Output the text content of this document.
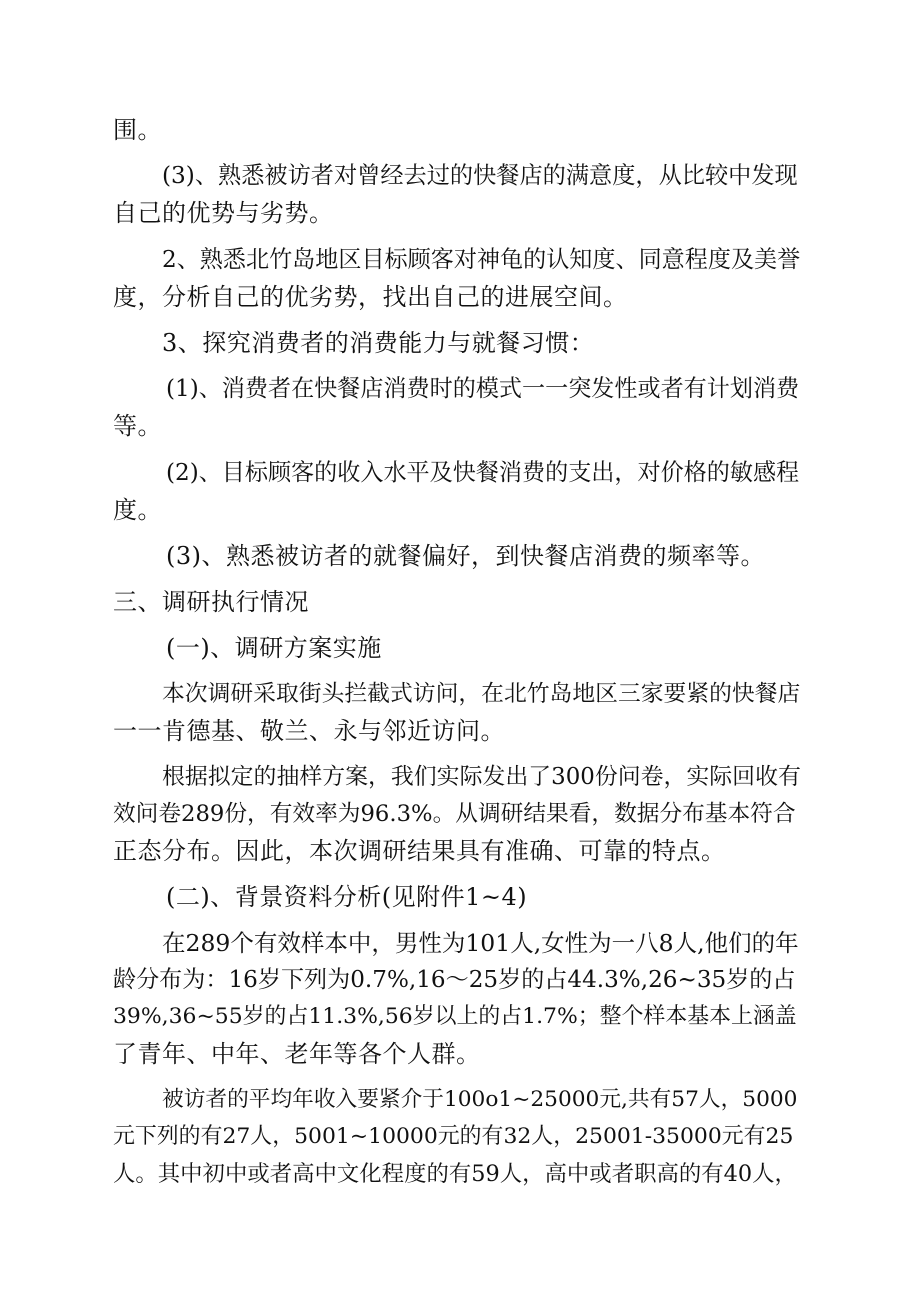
围。
(3)、熟悉被访者对曾经去过的快餐店的满意度，从比较中发现
自己的优势与劣势。
2、熟悉北竹岛地区目标顾客对神龟的认知度、同意程度及美誉
度，分析自己的优劣势，找出自己的进展空间。
3、探究消费者的消费能力与就餐习惯：
(1)、消费者在快餐店消费时的模式一一突发性或者有计划消费
等。
(2)、目标顾客的收入水平及快餐消费的支出，对价格的敏感程
度。
(3)、熟悉被访者的就餐偏好，到快餐店消费的频率等。
三、调研执行情况
(一)、调研方案实施
本次调研采取街头拦截式访问，在北竹岛地区三家要紧的快餐店
一一肯德基、敬兰、永与邻近访问。
根据拟定的抽样方案，我们实际发出了300份问卷，实际回收有
效问卷289份，有效率为96.3%。从调研结果看，数据分布基本符合
正态分布。因此，本次调研结果具有准确、可靠的特点。
(二)、背景资料分析(见附件1~4)
在289个有效样本中，男性为101人,女性为一八8人,他们的年
龄分布为：16岁下列为0.7%,16～25岁的占44.3%,26~35岁的占
39%,36~55岁的占11.3%,56岁以上的占1.7%；整个样本基本上涵盖
了青年、中年、老年等各个人群。
被访者的平均年收入要紧介于100o1~25000元,共有57人，5000
元下列的有27人，5001~10000元的有32人，25001-35000元有25
人。其中初中或者高中文化程度的有59人，高中或者职高的有40人，
